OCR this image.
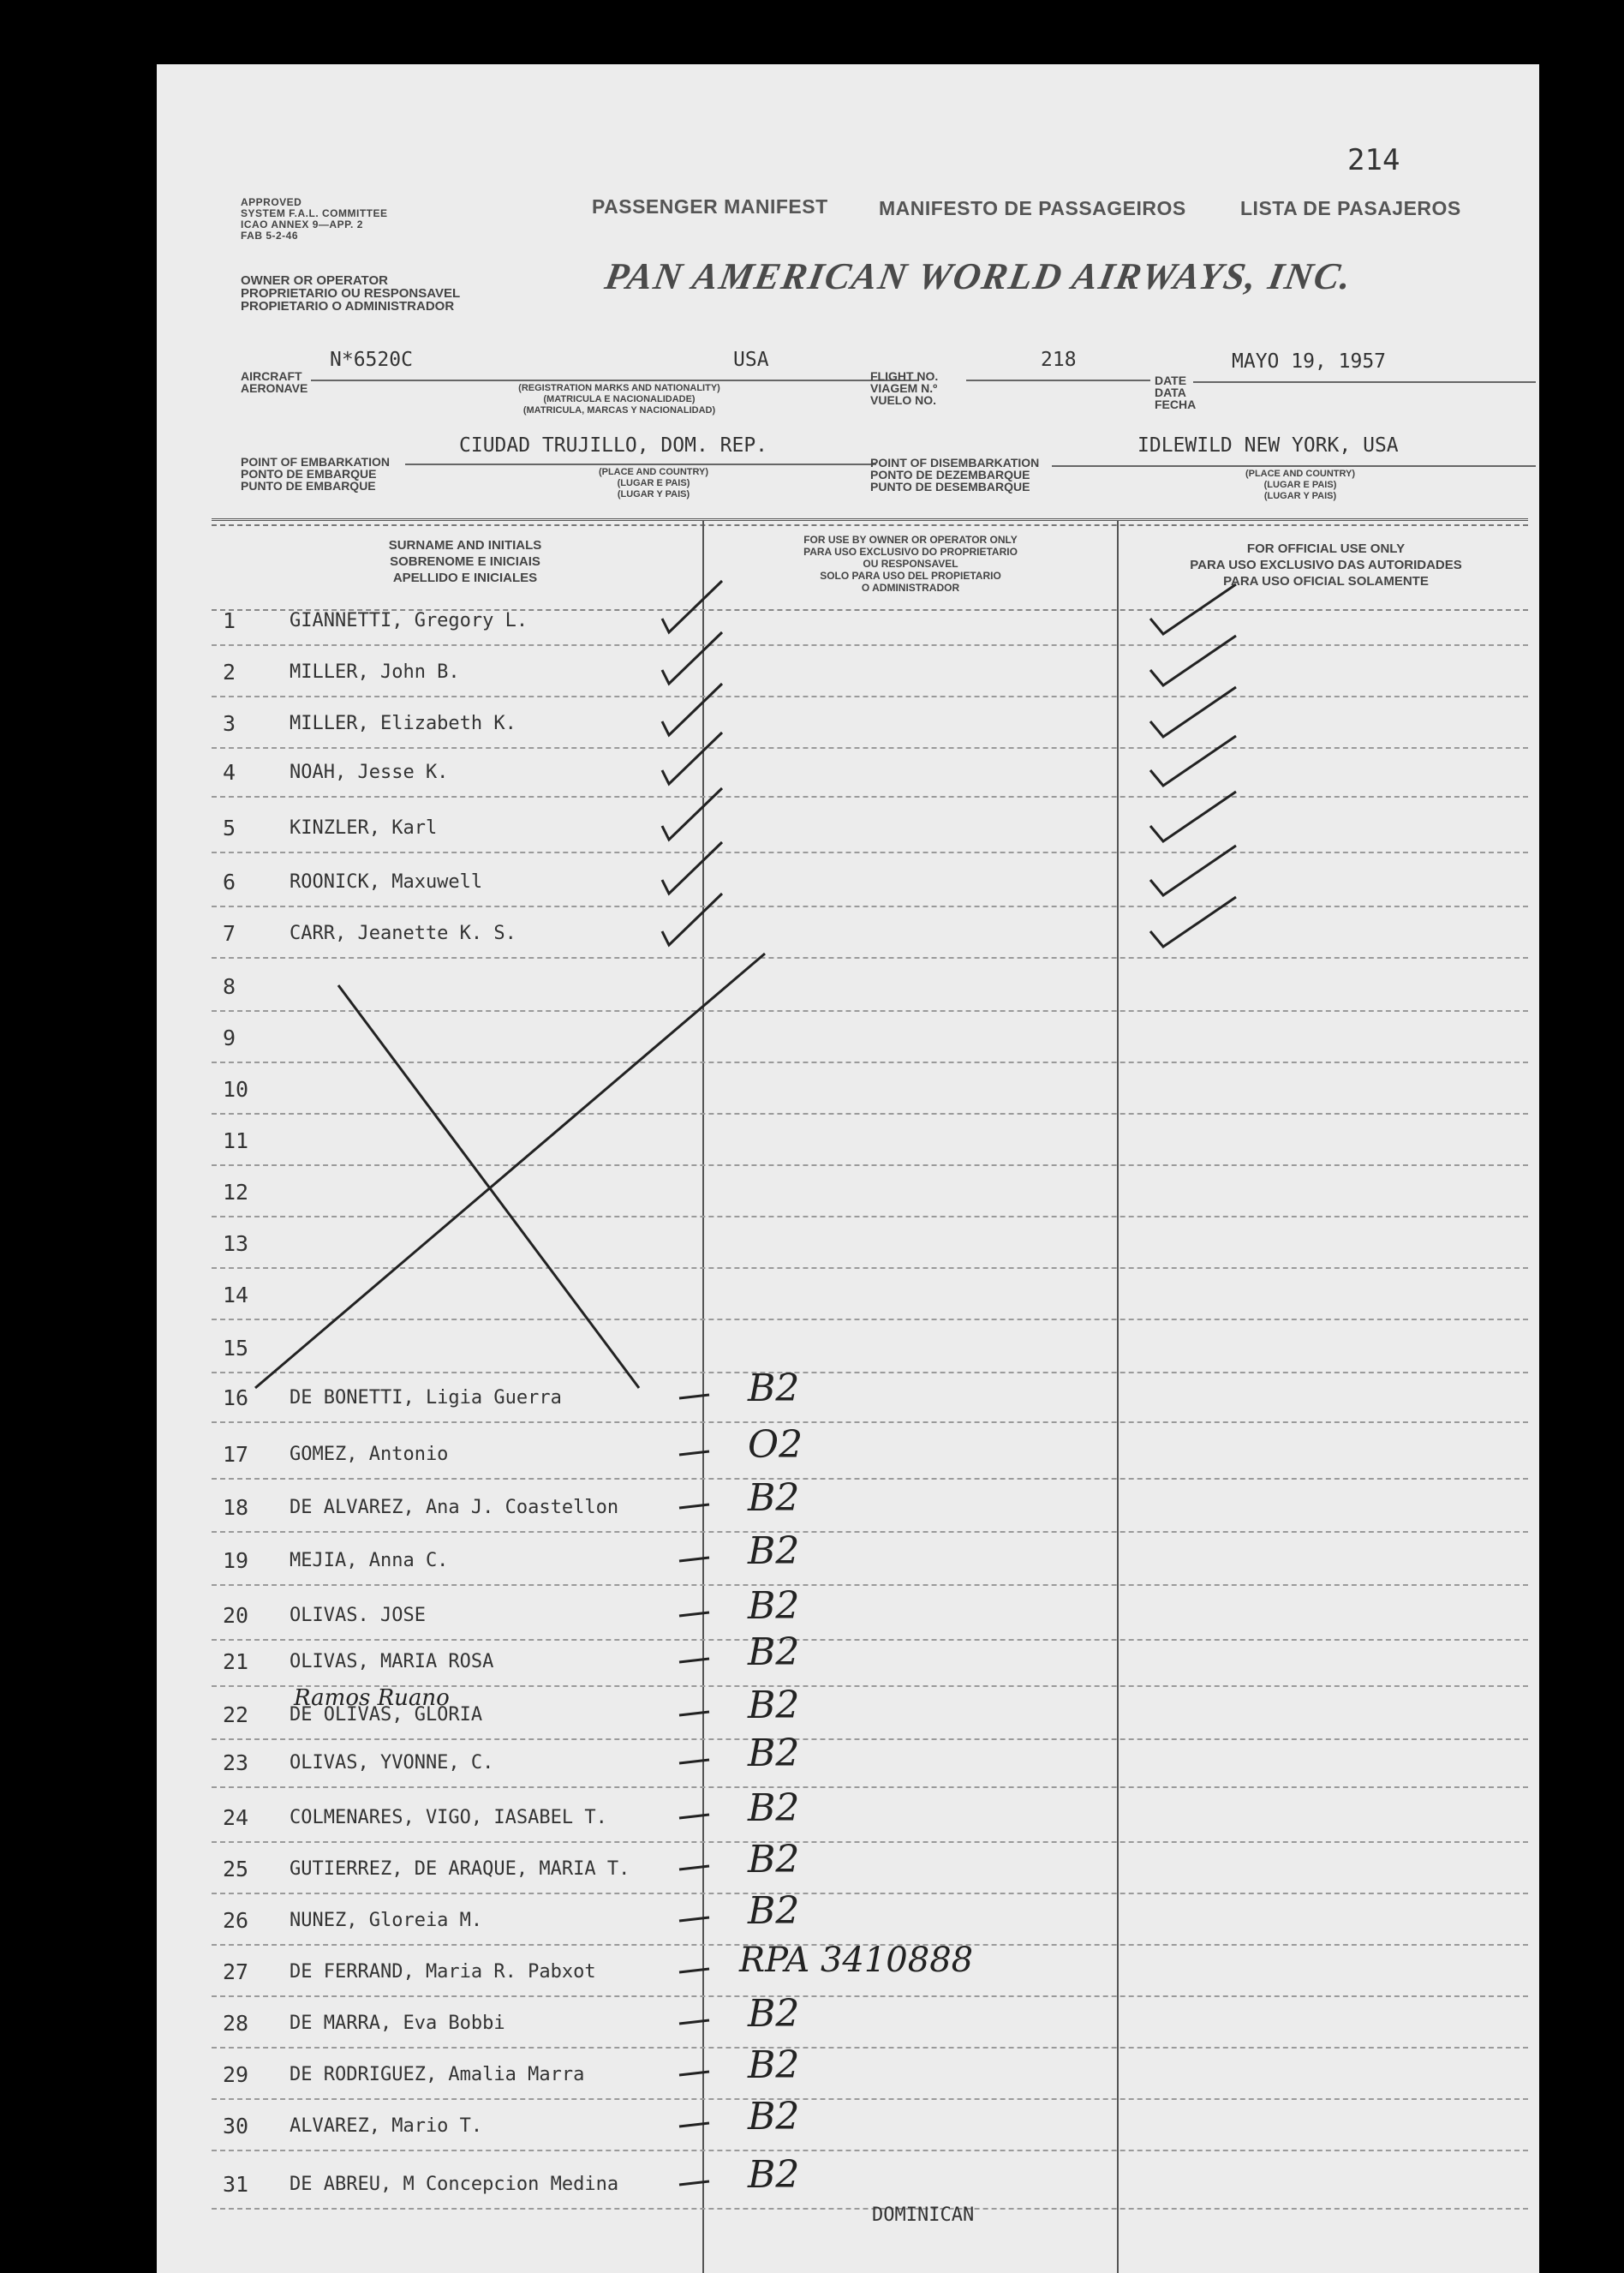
214
APPROVED
SYSTEM F.A.L. COMMITTEE
ICAO ANNEX 9—APP. 2
FAB 5-2-46
PASSENGER MANIFEST	MANIFESTO DE PASSAGEIROS	LISTA DE PASAJEROS
OWNER OR OPERATOR
PROPRIETARIO OU RESPONSAVEL
PROPIETARIO O ADMINISTRADOR
PAN AMERICAN WORLD AIRWAYS, INC.
AIRCRAFT
AERONAVE
N*6520C	USA
(REGISTRATION MARKS AND NATIONALITY)
(MATRICULA E NACIONALIDADE)
(MATRICULA, MARCAS Y NACIONALIDAD)
FLIGHT NO.
VIAGEM N.º
VUELO NO.
218
DATE
DATA
FECHA
MAYO 19, 1957
POINT OF EMBARKATION
PONTO DE EMBARQUE
PUNTO DE EMBARQUE
CIUDAD TRUJILLO, DOM. REP.
(PLACE AND COUNTRY)
(LUGAR E PAIS)
(LUGAR Y PAIS)
POINT OF DISEMBARKATION
PONTO DE DEZEMBARQUE
PUNTO DE DESEMBARQUE
IDLEWILD NEW YORK, USA
(PLACE AND COUNTRY)
(LUGAR E PAIS)
(LUGAR Y PAIS)
SURNAME AND INITIALS
SOBRENOME E INICIAIS
APELLIDO E INICIALES
FOR USE BY OWNER OR OPERATOR ONLY
PARA USO EXCLUSIVO DO PROPRIETARIO
OU RESPONSAVEL
SOLO PARA USO DEL PROPIETARIO
O ADMINISTRADOR
FOR OFFICIAL USE ONLY
PARA USO EXCLUSIVO DAS AUTORIDADES
PARA USO OFICIAL SOLAMENTE
1	GIANNETTI, Gregory L.
2	MILLER, John B.
3	MILLER, Elizabeth K.
4	NOAH, Jesse K.
5	KINZLER, Karl
6	ROONICK, Maxuwell
7	CARR, Jeanette K. S.
8
9
10
11
12
13
14
15
16	DE BONETTI, Ligia Guerra	B2
17	GOMEZ, Antonio	O2
18	DE ALVAREZ, Ana J. Coastellon	B2
19	MEJIA, Anna C.	B2
20	OLIVAS. JOSE	B2
21	OLIVAS, MARIA ROSA	B2
22	DE OLIVAS, GLORIA	B2
23	OLIVAS, YVONNE, C.	B2
24	COLMENARES, VIGO, IASABEL T.	B2
25	GUTIERREZ, DE ARAQUE, MARIA T.	B2
26	NUNEZ, Gloreia M.	B2
27	DE FERRAND, Maria R. Pabxot	RPA 3410888
28	DE MARRA, Eva Bobbi	B2
29	DE RODRIGUEZ, Amalia Marra	B2
30	ALVAREZ, Mario T.	B2
31	DE ABREU, M Concepcion Medina	B2
Ramos Ruano
DOMINICAN
